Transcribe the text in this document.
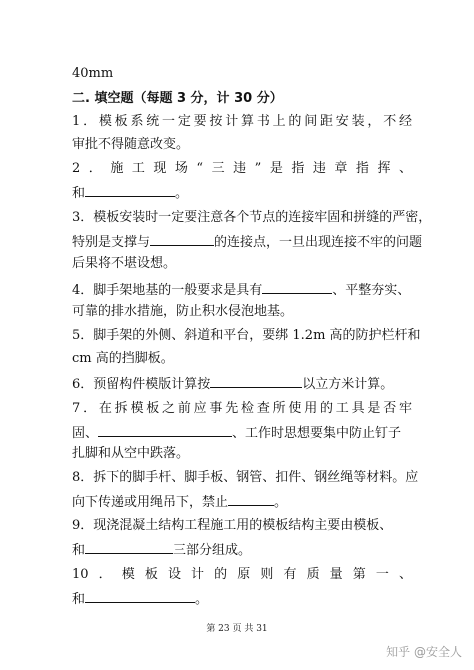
40mm
二. 填空题（每题 3 分，计 30 分）
1．模板系统一定要按计算书上的间距安装，不经
审批不得随意改变。
2．施工现场“三违”是指违章指挥、
和	。
3．模板安装时一定要注意各个节点的连接牢固和拼缝的严密，
特别是支撑与	的连接点，一旦出现连接不牢的问题
后果将不堪设想。
4．脚手架地基的一般要求是具有	、平整夯实、
可靠的排水措施，防止积水侵泡地基。
5．脚手架的外侧、斜道和平台，要绑 1.2m 高的防护栏杆和
cm 高的挡脚板。
6．预留构件模版计算按	以立方米计算。
7．在拆模板之前应事先检查所使用的工具是否牢
固、	、工作时思想要集中防止钉子
扎脚和从空中跌落。
8．拆下的脚手杆、脚手板、钢管、扣件、钢丝绳等材料。应
向下传递或用绳吊下，禁止	。
9．现浇混凝土结构工程施工用的模板结构主要由模板、
和	三部分组成。
10．模板设计的原则有质量第一、
和	。
第 23 页 共 31
知乎 @安全人
